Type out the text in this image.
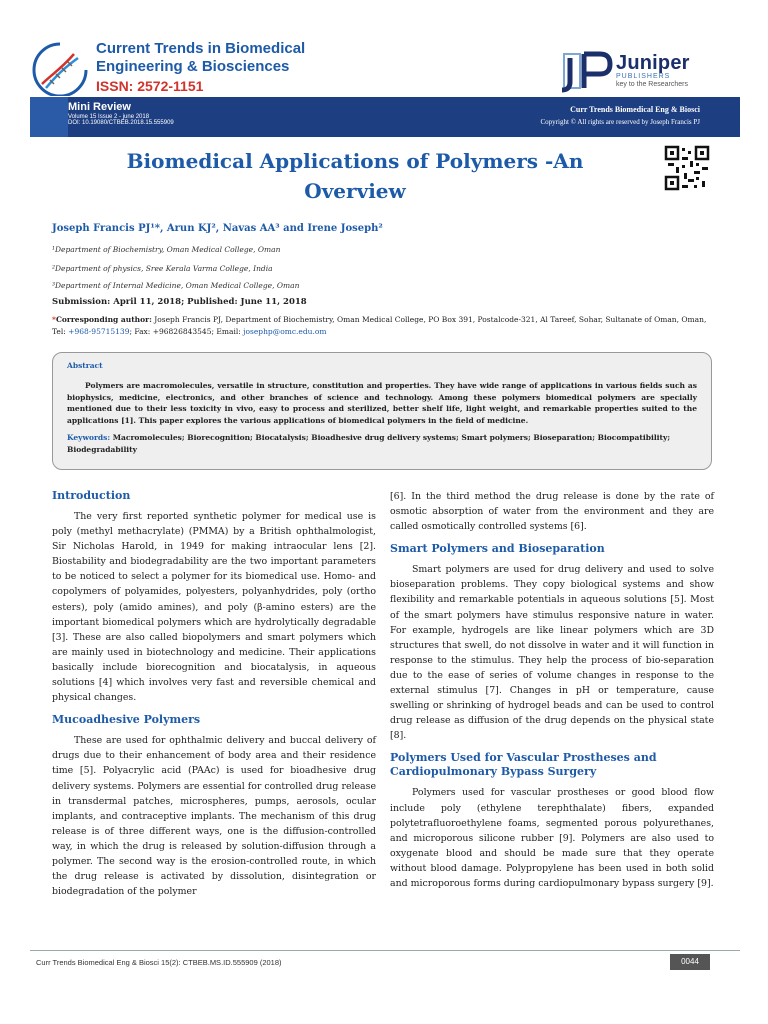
Current Trends in Biomedical
Engineering & Biosciences
ISSN: 2572-1151
Juniper
PUBLISHERS
key to the Researchers
Mini Review
Volume 15 Issue 2 - june 2018
DOI: 10.19080/CTBEB.2018.15.555909
Curr Trends Biomedical Eng & Biosci
Copyright © All rights are reserved by Joseph Francis PJ
Biomedical Applications of Polymers -An Overview
Joseph Francis PJ¹*, Arun KJ², Navas AA³ and Irene Joseph²
¹Department of Biochemistry, Oman Medical College, Oman
²Department of physics, Sree Kerala Varma College, India
³Department of Internal Medicine, Oman Medical College, Oman
Submission: April 11, 2018; Published: June 11, 2018
*Corresponding author: Joseph Francis PJ, Department of Biochemistry, Oman Medical College, PO Box 391, Postalcode-321, Al Tareef, Sohar, Sultanate of Oman, Oman, Tel: +968-95715139; Fax: +96826843545; Email: josephp@omc.edu.om
Abstract
Polymers are macromolecules, versatile in structure, constitution and properties. They have wide range of applications in various fields such as biophysics, medicine, electronics, and other branches of science and technology. Among these polymers biomedical polymers are specially mentioned due to their less toxicity in vivo, easy to process and sterilized, better shelf life, light weight, and remarkable properties suited to the applications [1]. This paper explores the various applications of biomedical polymers in the field of medicine.
Keywords: Macromolecules; Biorecognition; Biocatalysis; Bioadhesive drug delivery systems; Smart polymers; Bioseparation; Biocompatibility; Biodegradability
Introduction

The very first reported synthetic polymer for medical use is poly (methyl methacrylate) (PMMA) by a British ophthalmologist, Sir Nicholas Harold, in 1949 for making intraocular lens [2]. Biostability and biodegradability are the two important parameters to be noticed to select a polymer for its biomedical use. Homo- and copolymers of polyamides, polyesters, polyanhydrides, poly (ortho esters), poly (amido amines), and poly (β-amino esters) are the important biomedical polymers which are hydrolytically degradable [3]. These are also called biopolymers and smart polymers which are mainly used in biotechnology and medicine. Their applications basically include biorecognition and biocatalysis, in aqueous solutions [4] which involves very fast and reversible chemical and physical changes.

Mucoadhesive Polymers

These are used for ophthalmic delivery and buccal delivery of drugs due to their enhancement of body area and their residence time [5]. Polyacrylic acid (PAAc) is used for bioadhesive drug delivery systems. Polymers are essential for controlled drug release in transdermal patches, microspheres, pumps, aerosols, ocular implants, and contraceptive implants. The mechanism of this drug release is of three different ways, one is the diffusion-controlled way, in which the drug is released by solution-diffusion through a polymer. The second way is the erosion-controlled route, in which the drug release is activated by dissolution, disintegration or biodegradation of the polymer

[6]. In the third method the drug release is done by the rate of osmotic absorption of water from the environment and they are called osmotically controlled systems [6].

Smart Polymers and Bioseparation

Smart polymers are used for drug delivery and used to solve bioseparation problems. They copy biological systems and show flexibility and remarkable potentials in aqueous solutions [5]. Most of the smart polymers have stimulus responsive nature in water. For example, hydrogels are like linear polymers which are 3D structures that swell, do not dissolve in water and it will function in response to the stimulus. They help the process of bio-separation due to the ease of series of volume changes in response to the external stimulus [7]. Changes in pH or temperature, cause swelling or shrinking of hydrogel beads and can be used to control drug release as diffusion of the drug depends on the physical state [8].

Polymers Used for Vascular Prostheses and Cardiopulmonary Bypass Surgery

Polymers used for vascular prostheses or good blood flow include poly (ethylene terephthalate) fibers, expanded polytetrafluoroethylene foams, segmented porous polyurethanes, and microporous silicone rubber [9]. Polymers are also used to oxygenate blood and should be made sure that they operate without blood damage. Polypropylene has been used in both solid and microporous forms during cardiopulmonary bypass surgery [9].

Curr Trends Biomedical Eng & Biosci 15(2): CTBEB.MS.ID.555909 (2018)	0044
